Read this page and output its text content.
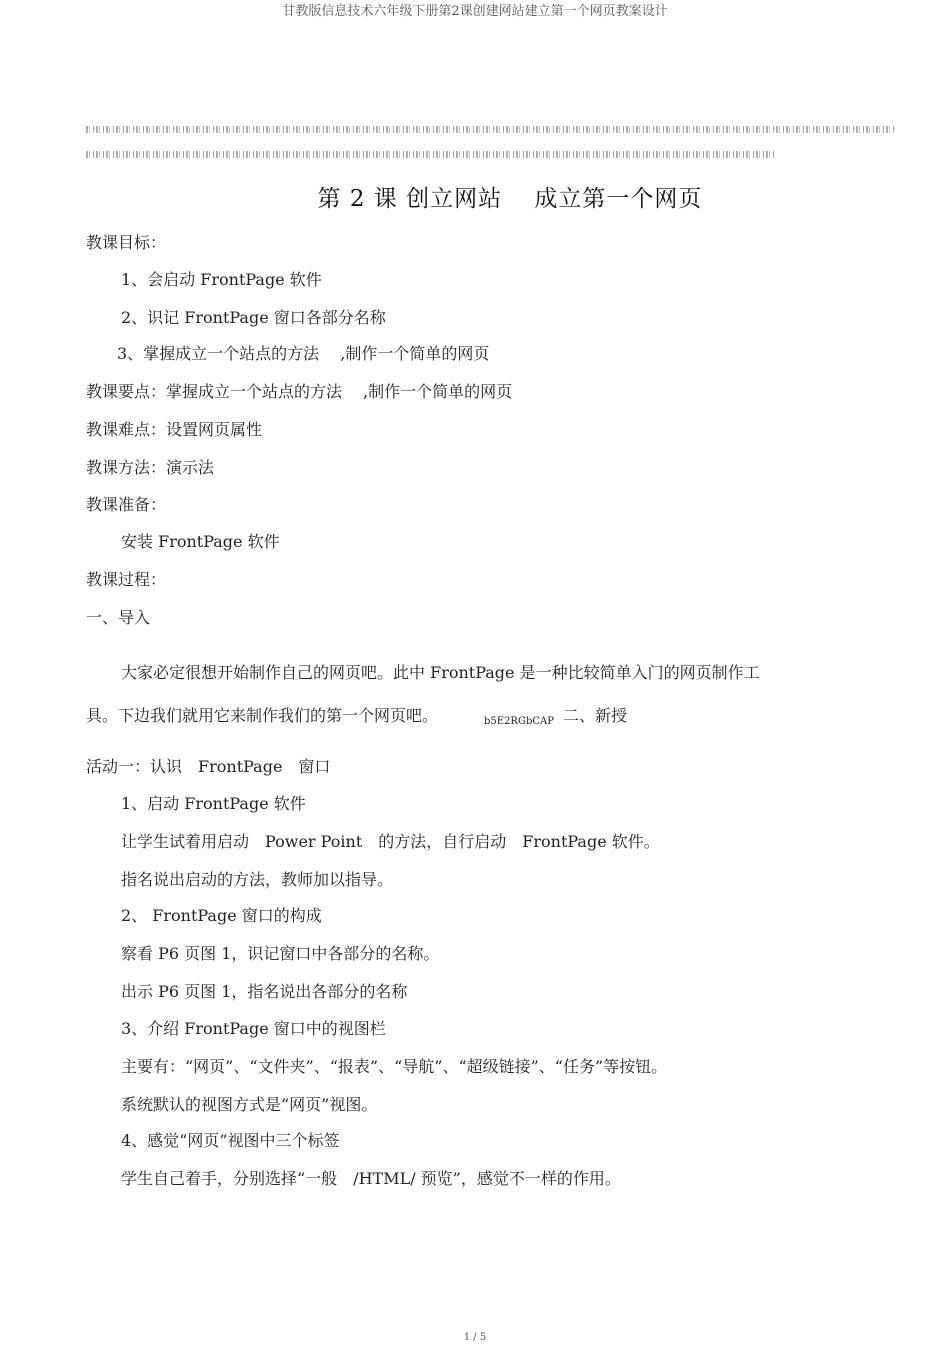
甘教版信息技术六年级下册第2课创建网站建立第一个网页教案设计
第 2 课 创立网站　 成立第一个网页
教课目标：
1、会启动 FrontPage 软件
2、识记 FrontPage 窗口各部分名称
3、掌握成立一个站点的方法　 ,制作一个简单的网页
教课要点：掌握成立一个站点的方法　 ,制作一个简单的网页
教课难点：设置网页属性
教课方法：演示法
教课准备：
安装 FrontPage 软件
教课过程：
一、导入
大家必定很想开始制作自己的网页吧。此中 FrontPage 是一种比较简单入门的网页制作工
具。下边我们就用它来制作我们的第一个网页吧。	b5E2RGbCAP 二、新授
活动一：认识　FrontPage　窗口
1、启动 FrontPage 软件
让学生试着用启动　Power Point　的方法，自行启动　FrontPage 软件。
指名说出启动的方法，教师加以指导。
2、 FrontPage 窗口的构成
察看 P6 页图 1，识记窗口中各部分的名称。
出示 P6 页图 1，指名说出各部分的名称
3、介绍 FrontPage 窗口中的视图栏
主要有：“网页”、“文件夹”、“报表”、“导航”、“超级链接”、“任务”等按钮。
系统默认的视图方式是“网页”视图。
4、感觉“网页”视图中三个标签
学生自己着手，分别选择“一般　/HTML/ 预览”，感觉不一样的作用。
1 / 5
